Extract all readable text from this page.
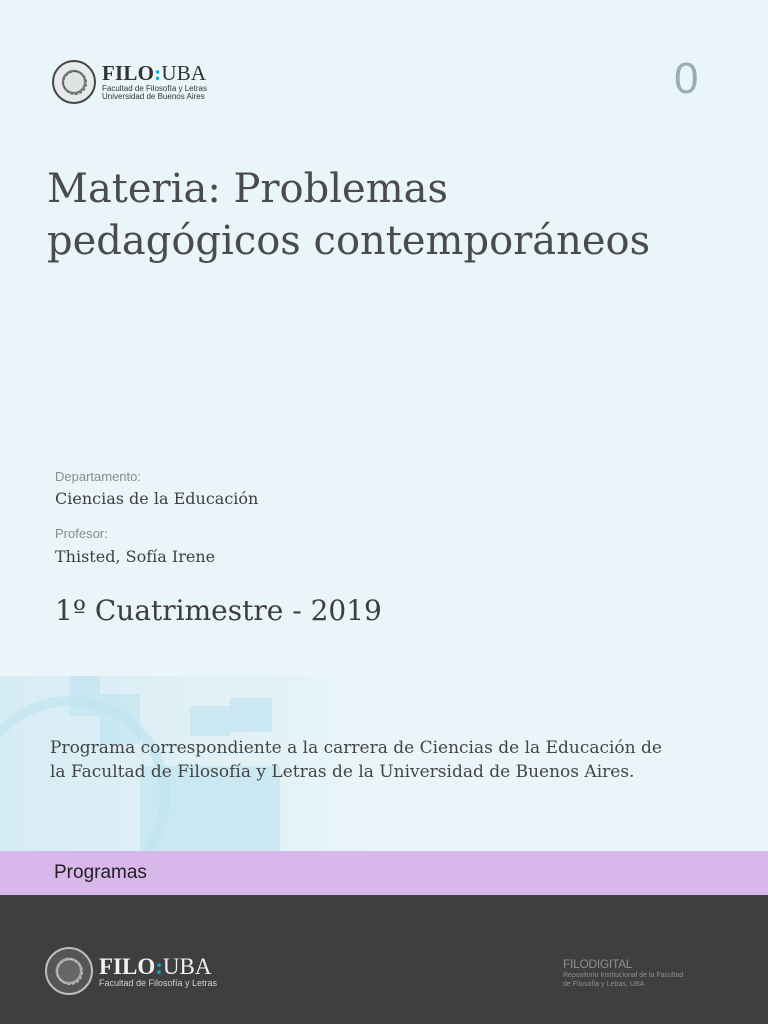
FILO:UBA
Facultad de Filosofía y Letras
Universidad de Buenos Aires	0
Materia: Problemas
pedagógicos contemporáneos
Departamento:
Ciencias de la Educación
Profesor:
Thisted, Sofía Irene
1º Cuatrimestre - 2019

Programa correspondiente a la carrera de Ciencias de la Educación de
la Facultad de Filosofía y Letras de la Universidad de Buenos Aires.

Programas
FILO:UBA
Facultad de Filosofía y Letras
FILODIGITAL
Repositorio Institucional de la Facultad
de Filosofía y Letras, UBA
